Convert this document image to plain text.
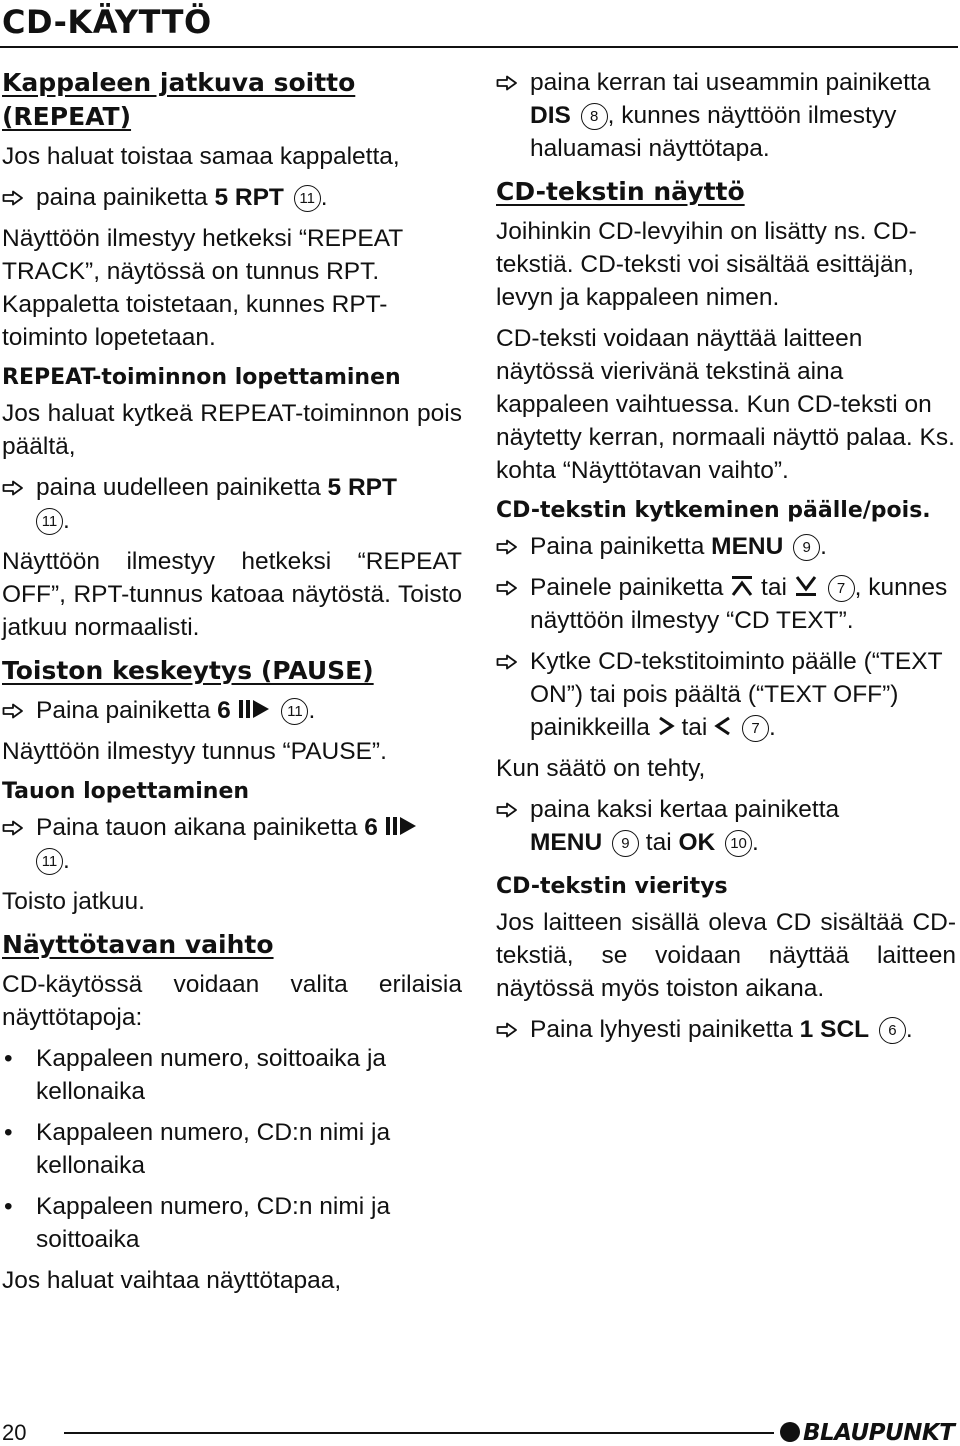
CD-KÄYTTÖ
Kappaleen jatkuva soitto
(REPEAT)

Jos haluat toistaa samaa kappaletta,

paina painiketta 5 RPT 11 .

Näyttöön ilmestyy hetkeksi “REPEAT TRACK”, näytössä on tunnus RPT. Kappaletta toistetaan, kunnes RPT-toiminto lopetetaan.

REPEAT-toiminnon lopettaminen

Jos haluat kytkeä REPEAT-toiminnon pois päältä,

paina uudelleen painiketta 5 RPT
11 .

Näyttöön ilmestyy hetkeksi “REPEAT OFF”, RPT-tunnus katoaa näytöstä. Toisto jatkuu normaalisti.

Toiston keskeytys (PAUSE)
Paina painiketta 6	11 .

Näyttöön ilmestyy tunnus “PAUSE”.

Tauon lopettaminen
Paina tauon aikana painiketta 6
11 .

Toisto jatkuu.

Näyttötavan vaihto

CD-käytössä voidaan valita erilaisia näyttötapoja:

• Kappaleen numero, soittoaika ja kellonaika
• Kappaleen numero, CD:n nimi ja kellonaika
• Kappaleen numero, CD:n nimi ja soittoaika

Jos haluat vaihtaa näyttötapaa,

paina kerran tai useammin painiketta DIS 8 , kunnes näyttöön ilmestyy haluamasi näyttötapa.
CD-tekstin näyttö

Joihinkin CD-levyihin on lisätty ns. CD-tekstiä. CD-teksti voi sisältää esittäjän, levyn ja kappaleen nimen.

CD-teksti voidaan näyttää laitteen näytössä vierivänä tekstinä aina kappaleen vaihtuessa. Kun CD-teksti on näytetty kerran, normaali näyttö palaa. Ks. kohta “Näyttötavan vaihto”.

CD-tekstin kytkeminen päälle/pois.
Paina painiketta MENU 9 .
Painele painiketta tai	7 , kunnes näyttöön ilmestyy “CD TEXT”.
Kytke CD-tekstitoiminto päälle (“TEXT ON”) tai pois päältä (“TEXT OFF”) painikkeilla tai	7 .

Kun säätö on tehty,

paina kaksi kertaa painiketta
MENU 9 tai OK 10 .
CD-tekstin vieritys

Jos laitteen sisällä oleva CD sisältää CD-tekstiä, se voidaan näyttää laitteen näytössä myös toiston aikana.

Paina lyhyesti painiketta 1 SCL 6 .
20	BLAUPUNKT
